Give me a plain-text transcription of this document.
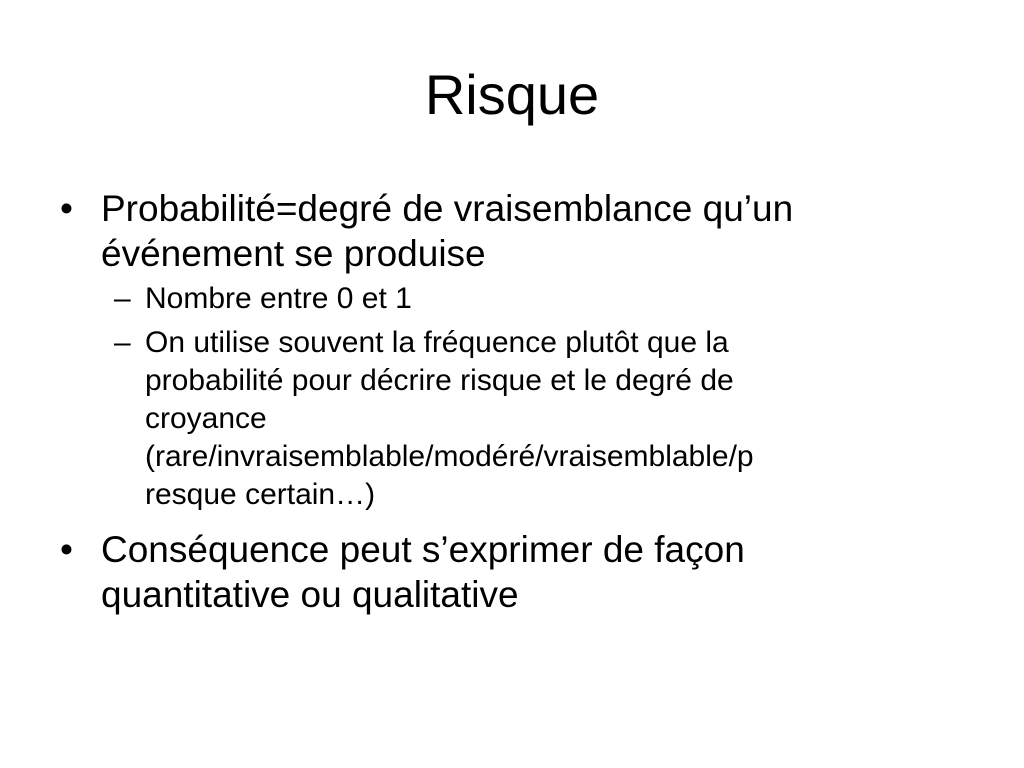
Risque
• Probabilité=degré de vraisemblance qu’un
événement se produise
– Nombre entre 0 et 1
– On utilise souvent la fréquence plutôt que la
probabilité pour décrire risque et le degré de
croyance
(rare/invraisemblable/modéré/vraisemblable/p
resque certain…)
• Conséquence peut s’exprimer de façon
quantitative ou qualitative
